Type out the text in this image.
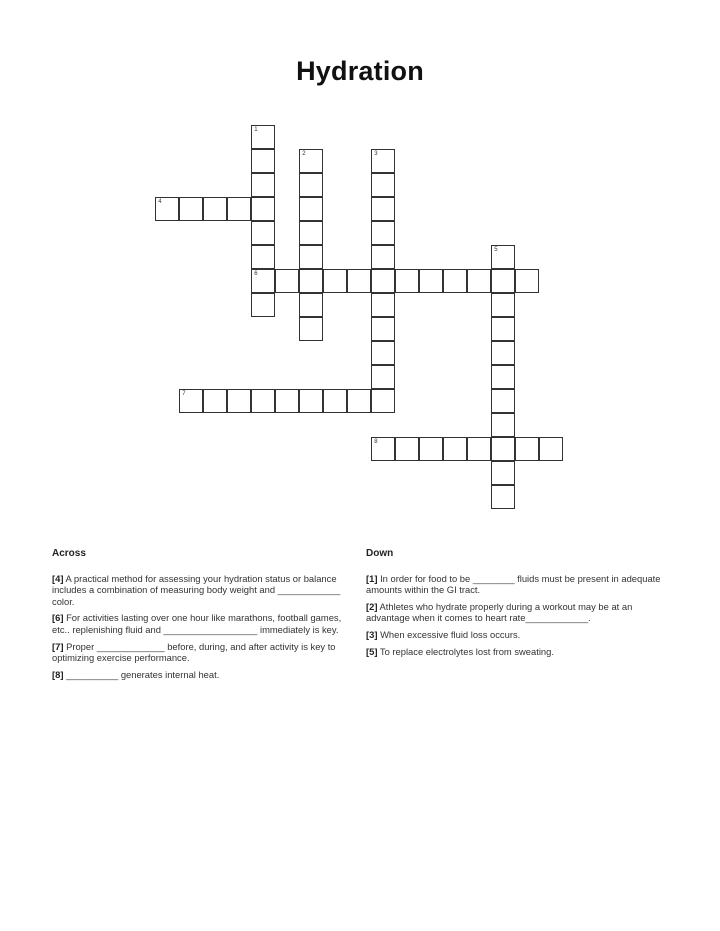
Hydration
1
6
2	3
4
5
7
8
Across
[4] A practical method for assessing your hydration status or balance includes a combination of measuring body weight and ____________ color.
[6] For activities lasting over one hour like marathons, football games, etc.. replenishing fluid and __________________ immediately is key.
[7] Proper _____________ before, during, and after activity is key to optimizing exercise performance.
[8] __________ generates internal heat.
Down
[1] In order for food to be ________ fluids must be present in adequate amounts within the GI tract.
[2] Athletes who hydrate properly during a workout may be at an advantage when it comes to heart rate____________.
[3] When excessive fluid loss occurs.
[5] To replace electrolytes lost from sweating.
